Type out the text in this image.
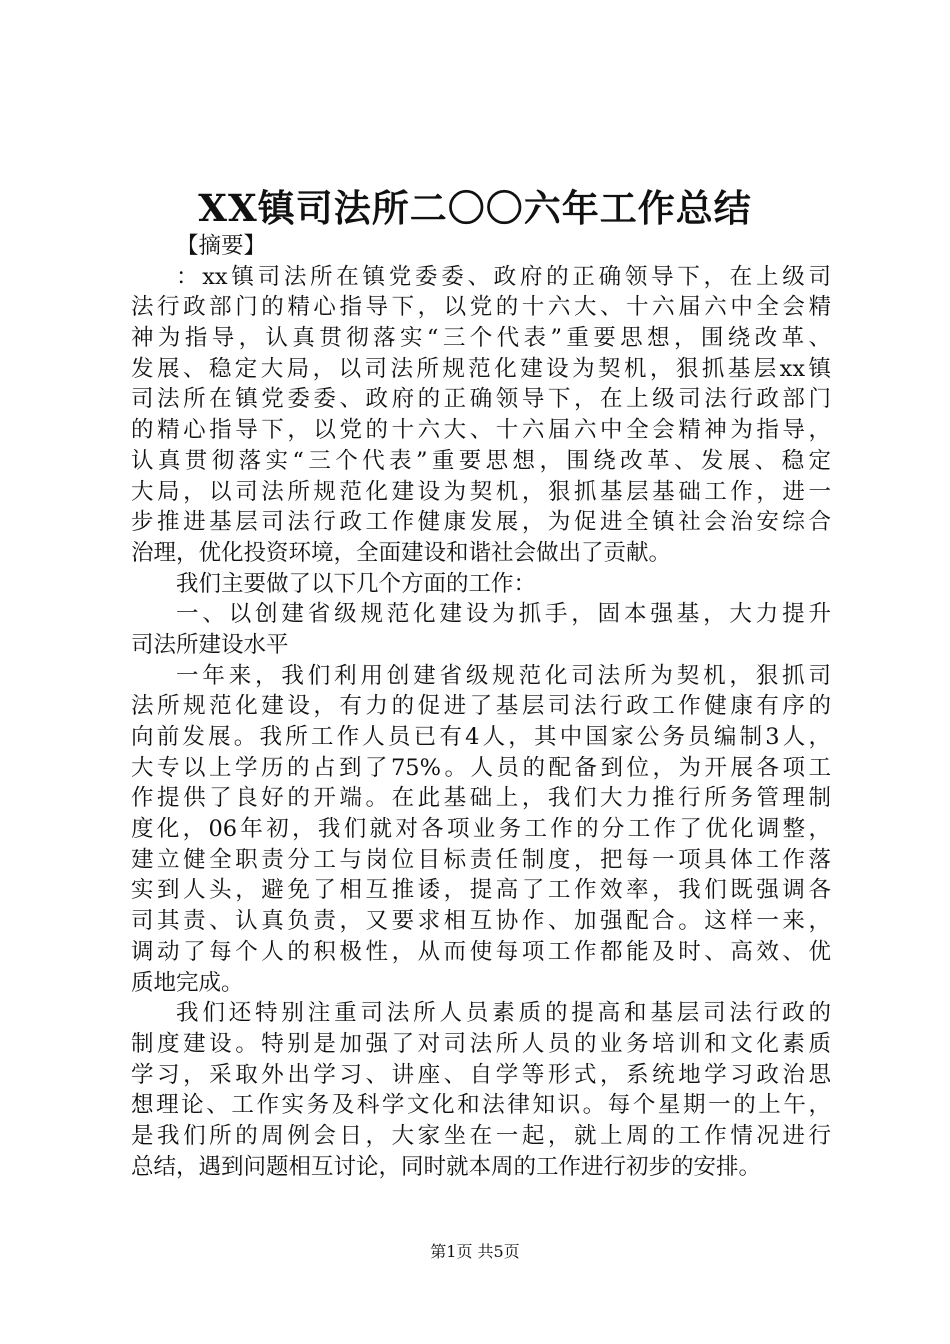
XX镇司法所二〇〇六年工作总结
【摘要】
：xx镇司法所在镇党委委、政府的正确领导下，在上级司
法行政部门的精心指导下，以党的十六大、十六届六中全会精
神为指导，认真贯彻落实“三个代表”重要思想，围绕改革、
发展、稳定大局，以司法所规范化建设为契机，狠抓基层xx镇
司法所在镇党委委、政府的正确领导下，在上级司法行政部门
的精心指导下，以党的十六大、十六届六中全会精神为指导，
认真贯彻落实“三个代表”重要思想，围绕改革、发展、稳定
大局，以司法所规范化建设为契机，狠抓基层基础工作，进一
步推进基层司法行政工作健康发展，为促进全镇社会治安综合
治理，优化投资环境，全面建设和谐社会做出了贡献。
我们主要做了以下几个方面的工作：
一、以创建省级规范化建设为抓手，固本强基，大力提升
司法所建设水平
一年来，我们利用创建省级规范化司法所为契机，狠抓司
法所规范化建设，有力的促进了基层司法行政工作健康有序的
向前发展。我所工作人员已有4人，其中国家公务员编制3人，
大专以上学历的占到了75%。人员的配备到位，为开展各项工
作提供了良好的开端。在此基础上，我们大力推行所务管理制
度化，06年初，我们就对各项业务工作的分工作了优化调整，
建立健全职责分工与岗位目标责任制度，把每一项具体工作落
实到人头，避免了相互推诿，提高了工作效率，我们既强调各
司其责、认真负责，又要求相互协作、加强配合。这样一来，
调动了每个人的积极性，从而使每项工作都能及时、高效、优
质地完成。
我们还特别注重司法所人员素质的提高和基层司法行政的
制度建设。特别是加强了对司法所人员的业务培训和文化素质
学习，采取外出学习、讲座、自学等形式，系统地学习政治思
想理论、工作实务及科学文化和法律知识。每个星期一的上午，
是我们所的周例会日，大家坐在一起，就上周的工作情况进行
总结，遇到问题相互讨论，同时就本周的工作进行初步的安排。
第1页 共5页
